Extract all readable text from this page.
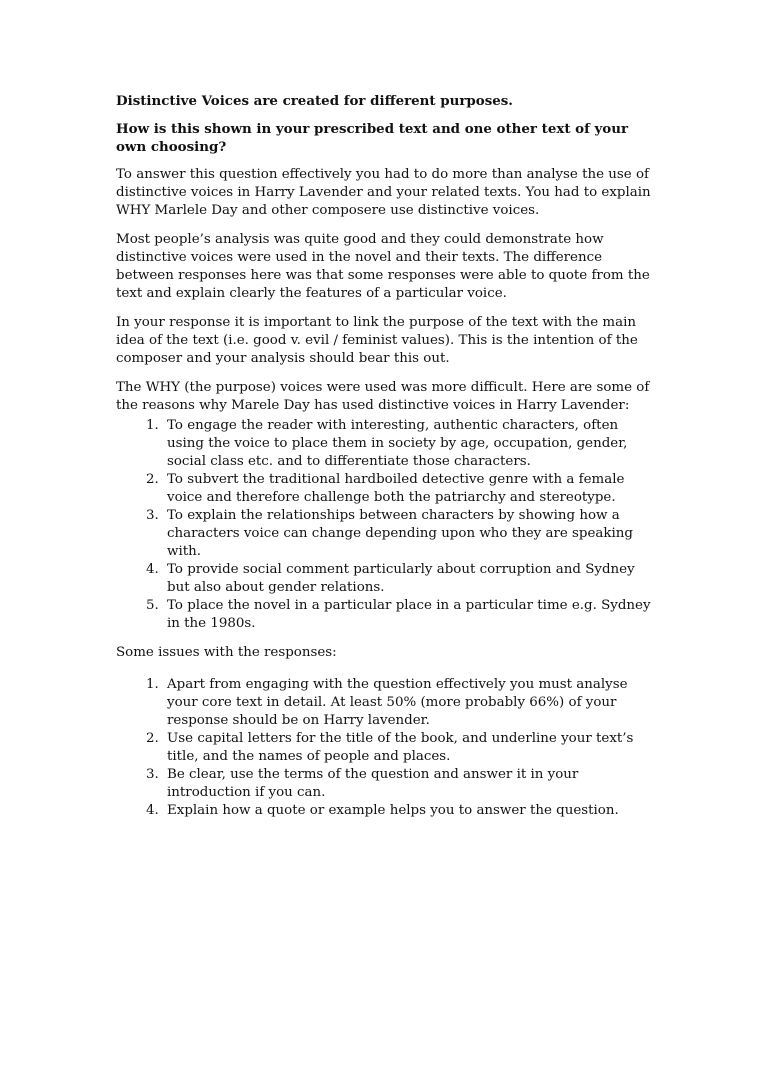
Distinctive Voices are created for different purposes.

How is this shown in your prescribed text and one other text of your own choosing?

To answer this question effectively you had to do more than analyse the use of distinctive voices in Harry Lavender and your related texts. You had to explain WHY Marlele Day and other composere use distinctive voices.

Most people’s analysis was quite good and they could demonstrate how distinctive voices were used in the novel and their texts. The difference between responses here was that some responses were able to quote from the text and explain clearly the features of a particular voice.

In your response it is important to link the purpose of the text with the main idea of the text (i.e. good v. evil / feminist values). This is the intention of the composer and your analysis should bear this out.

The WHY (the purpose) voices were used was more difficult. Here are some of the reasons why Marele Day has used distinctive voices in Harry Lavender:

1. To engage the reader with interesting, authentic characters, often using the voice to place them in society by age, occupation, gender, social class etc. and to differentiate those characters.
2. To subvert the traditional hardboiled detective genre with a female voice and therefore challenge both the patriarchy and stereotype.
3. To explain the relationships between characters by showing how a characters voice can change depending upon who they are speaking with.
4. To provide social comment particularly about corruption and Sydney but also about gender relations.
5. To place the novel in a particular place in a particular time e.g. Sydney in the 1980s.

Some issues with the responses:

1. Apart from engaging with the question effectively you must analyse your core text in detail. At least 50% (more probably 66%) of your response should be on Harry lavender.
2. Use capital letters for the title of the book, and underline your text’s title, and the names of people and places.
3. Be clear, use the terms of the question and answer it in your introduction if you can.
4. Explain how a quote or example helps you to answer the question.
